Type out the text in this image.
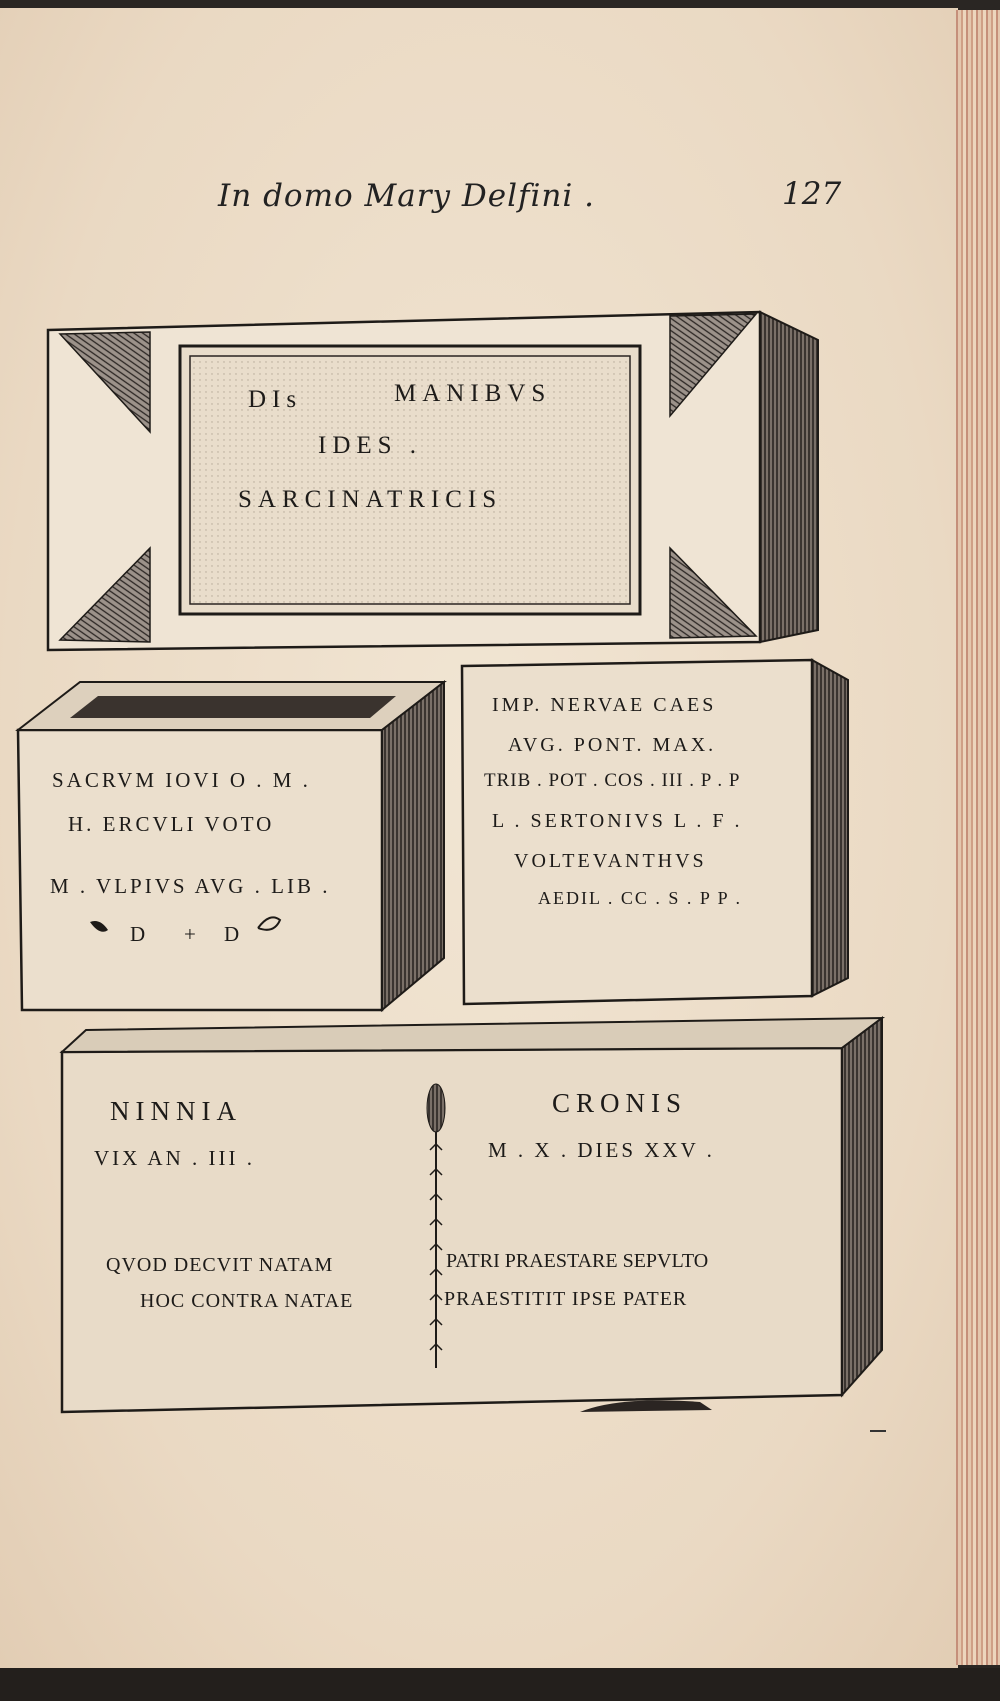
In domo Mary Delfini .	127

DIs	MANIBVS

IDES .

SARCINATRICIS

SACRVM IOVI O . M .

H. ERCVLI VOTO

M . VLPIVS AVG . LIB .

D + D

IMP. NERVAE CAES

AVG. PONT. MAX.

TRIB . POT . COS . III . P . P

L . SERTONIVS L . F .

VOLTEVANTHVS

AEDIL . CC . S . P P .

NINNIA

VIX AN . III .

QVOD DECVIT NATAM

HOC CONTRA NATAE

CRONIS

M . X . DIES XXV .

PATRI PRAESTARE SEPVLTO

PRAESTITIT IPSE PATER
